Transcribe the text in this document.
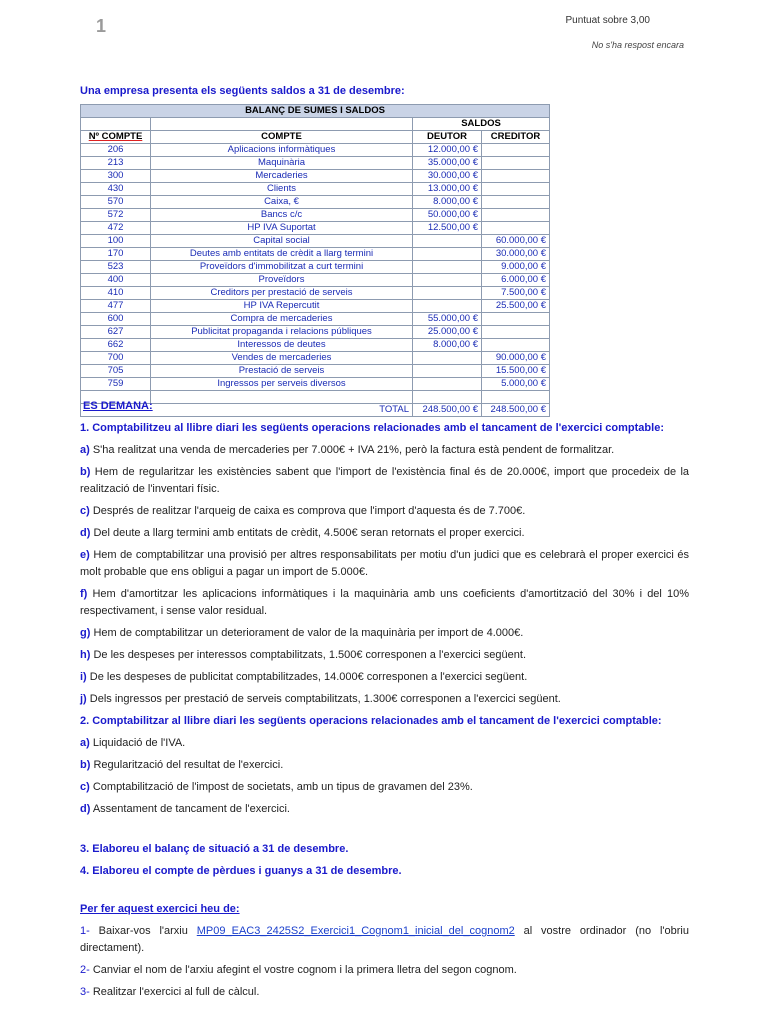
1	Puntuat sobre 3,00
No s'ha respost encara
Una empresa presenta els següents saldos a 31 de desembre:
BALANÇ DE SUMES I SALDOS			
		SALDOS	
Nº COMPTE	COMPTE	DEUTOR	CREDITOR
206	Aplicacions informàtiques	12.000,00 €	
213	Maquinària	35.000,00 €	
300	Mercaderies	30.000,00 €	
430	Clients	13.000,00 €	
570	Caixa, €	8.000,00 €	
572	Bancs c/c	50.000,00 €	
472	HP IVA Suportat	12.500,00 €	
100	Capital social		60.000,00 €
170	Deutes amb entitats de crèdit a llarg termini		30.000,00 €
523	Proveïdors d'immobilitzat a curt termini		9.000,00 €
400	Proveïdors		6.000,00 €
410	Creditors per prestació de serveis		7.500,00 €
477	HP IVA Repercutit		25.500,00 €
600	Compra de mercaderies	55.000,00 €	
627	Publicitat propaganda i relacions públiques	25.000,00 €	
662	Interessos de deutes	8.000,00 €	
700	Vendes de mercaderies		90.000,00 €
705	Prestació de serveis		15.500,00 €
759	Ingressos per serveis diversos		5.000,00 €

	TOTAL	248.500,00 €	248.500,00 €

ES DEMANA:

1. Comptabilitzeu al llibre diari les següents operacions relacionades amb el tancament de l'exercici comptable:

a) S'ha realitzat una venda de mercaderies per 7.000€ + IVA 21%, però la factura està pendent de formalitzar.

b) Hem de regularitzar les existències sabent que l'import de l'existència final és de 20.000€, import que procedeix de la realització de l'inventari físic.

c) Després de realitzar l'arqueig de caixa es comprova que l'import d'aquesta és de 7.700€.

d) Del deute a llarg termini amb entitats de crèdit, 4.500€ seran retornats el proper exercici.

e) Hem de comptabilitzar una provisió per altres responsabilitats per motiu d'un judici que es celebrarà el proper exercici és molt probable que ens obligui a pagar un import de 5.000€.

f) Hem d'amortitzar les aplicacions informàtiques i la maquinària amb uns coeficients d'amortització del 30% i del 10% respectivament, i sense valor residual.

g) Hem de comptabilitzar un deteriorament de valor de la maquinària per import de 4.000€.

h) De les despeses per interessos comptabilitzats, 1.500€ corresponen a l'exercici següent.

i) De les despeses de publicitat comptabilitzades, 14.000€ corresponen a l'exercici següent.

j) Dels ingressos per prestació de serveis comptabilitzats, 1.300€ corresponen a l'exercici següent.

2. Comptabilitzar al llibre diari les següents operacions relacionades amb el tancament de l'exercici comptable:

a) Liquidació de l'IVA.

b) Regularització del resultat de l'exercici.

c) Comptabilització de l'impost de societats, amb un tipus de gravamen del 23%.

d) Assentament de tancament de l'exercici.

3. Elaboreu el balanç de situació a 31 de desembre.

4. Elaboreu el compte de pèrdues i guanys a 31 de desembre.

Per fer aquest exercici heu de:

1- Baixar-vos l'arxiu MP09_EAC3_2425S2_Exercici1_Cognom1_inicial_del_cognom2 al vostre ordinador (no l'obriu directament).

2- Canviar el nom de l'arxiu afegint el vostre cognom i la primera lletra del segon cognom.

3- Realitzar l'exercici al full de càlcul.
